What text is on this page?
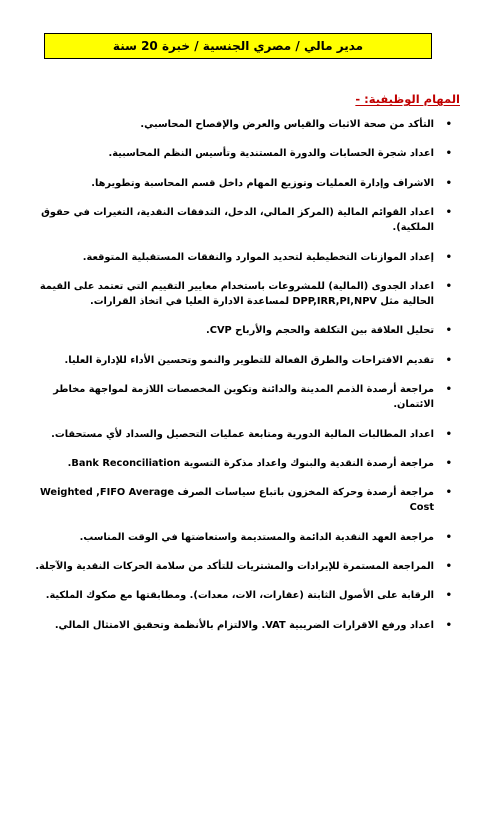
مدير مالي / مصري الجنسية / خبرة 20 سنة
المهام الوظيفية: -
•
التأكد من صحة الاثبات والقياس والعرض والإفصاح المحاسبي.
•
اعداد شجرة الحسابات والدورة المستندية وتأسيس النظم المحاسبية.
•
الاشراف وإدارة العمليات وتوزيع المهام داخل قسم المحاسبة وتطويرها.
•
اعداد القوائم المالية (المركز المالي، الدخل، التدفقات النقدية، التغيرات في حقوق الملكية).
•
إعداد الموازنات التخطيطية لتحديد الموارد والنفقات المستقبلية المتوقعة.
•
اعداد الجدوى (المالية) للمشروعات باستخدام معايير التقييم التي تعتمد على القيمة الحالية مثل DPP,IRR,PI,NPV لمساعدة الادارة العليا في اتخاذ القرارات.
•
تحليل العلاقة بين التكلفة والحجم والأرباح CVP.
•
تقديم الاقتراحات والطرق الفعالة للتطوير والنمو وتحسين الأداء للإدارة العليا.
•
مراجعة أرصدة الذمم المدينة والدائنة وتكوين المخصصات اللازمة لمواجهة مخاطر الائتمان.
•
اعداد المطالبات المالية الدورية ومتابعة عمليات التحصيل والسداد لأي مستحقات.
•
مراجعة أرصدة النقدية والبنوك واعداد مذكرة التسوية Bank Reconciliation.
•
مراجعة أرصدة وحركة المخزون باتباع سياسات الصرف Weighted ,FIFO Average Cost
•
مراجعة العهد النقدية الدائمة والمستديمة واستعاضتها في الوقت المناسب.
•
المراجعة المستمرة للإيرادات والمشتريات للتأكد من سلامة الحركات النقدية والآجلة.
•
الرقابة على الأصول الثابتة (عقارات، الات، معدات). ومطابقتها مع صكوك الملكية.
•
اعداد ورفع الاقرارات الضريبية VAT. والالتزام بالأنظمة وتحقيق الامتثال المالي.
